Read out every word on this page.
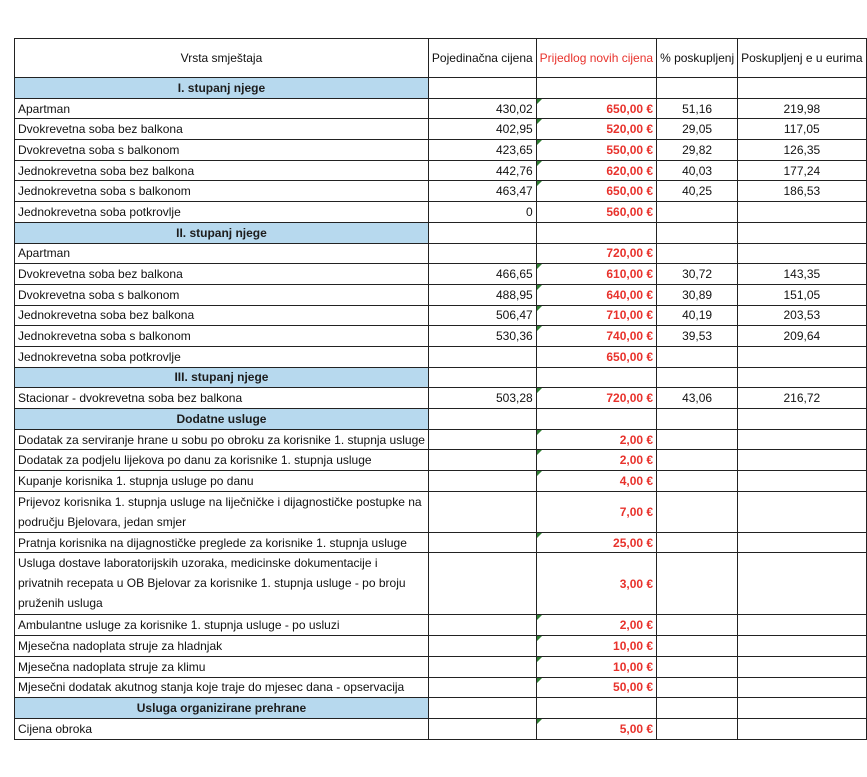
Vrsta smještaja	Pojedinačna cijena	Prijedlog novih cijena	% poskupljenj	Poskupljenj e u eurima
I. stupanj njege				
Apartman	430,02	650,00 €	51,16	219,98
Dvokrevetna soba bez balkona	402,95	520,00 €	29,05	117,05
Dvokrevetna soba s balkonom	423,65	550,00 €	29,82	126,35
Jednokrevetna soba bez balkona	442,76	620,00 €	40,03	177,24
Jednokrevetna soba s balkonom	463,47	650,00 €	40,25	186,53
Jednokrevetna soba potkrovlje	0	560,00 €		
II. stupanj njege				
Apartman		720,00 €		
Dvokrevetna soba bez balkona	466,65	610,00 €	30,72	143,35
Dvokrevetna soba s balkonom	488,95	640,00 €	30,89	151,05
Jednokrevetna soba bez balkona	506,47	710,00 €	40,19	203,53
Jednokrevetna soba s balkonom	530,36	740,00 €	39,53	209,64
Jednokrevetna soba potkrovlje		650,00 €		
III. stupanj njege				
Stacionar - dvokrevetna soba bez balkona	503,28	720,00 €	43,06	216,72
Dodatne usluge				
Dodatak za serviranje hrane u sobu po obroku za korisnike 1. stupnja usluge		2,00 €		
Dodatak za podjelu lijekova po danu za korisnike 1. stupnja usluge		2,00 €		
Kupanje korisnika 1. stupnja usluge po danu		4,00 €		
Prijevoz korisnika 1. stupnja usluge na liječničke i dijagnostičke postupke na području Bjelovara, jedan smjer		7,00 €		
Pratnja korisnika na dijagnostičke preglede za korisnike 1. stupnja usluge		25,00 €		
Usluga dostave laboratorijskih uzoraka, medicinske dokumentacije i privatnih recepata u OB Bjelovar za korisnike 1. stupnja usluge - po broju pruženih usluga		3,00 €		
Ambulantne usluge za korisnike 1. stupnja usluge - po usluzi		2,00 €		
Mjesečna nadoplata struje za hladnjak		10,00 €		
Mjesečna nadoplata struje za klimu		10,00 €		
Mjesečni dodatak akutnog stanja koje traje do mjesec dana - opservacija		50,00 €		
Usluga organizirane prehrane				
Cijena obroka		5,00 €		
